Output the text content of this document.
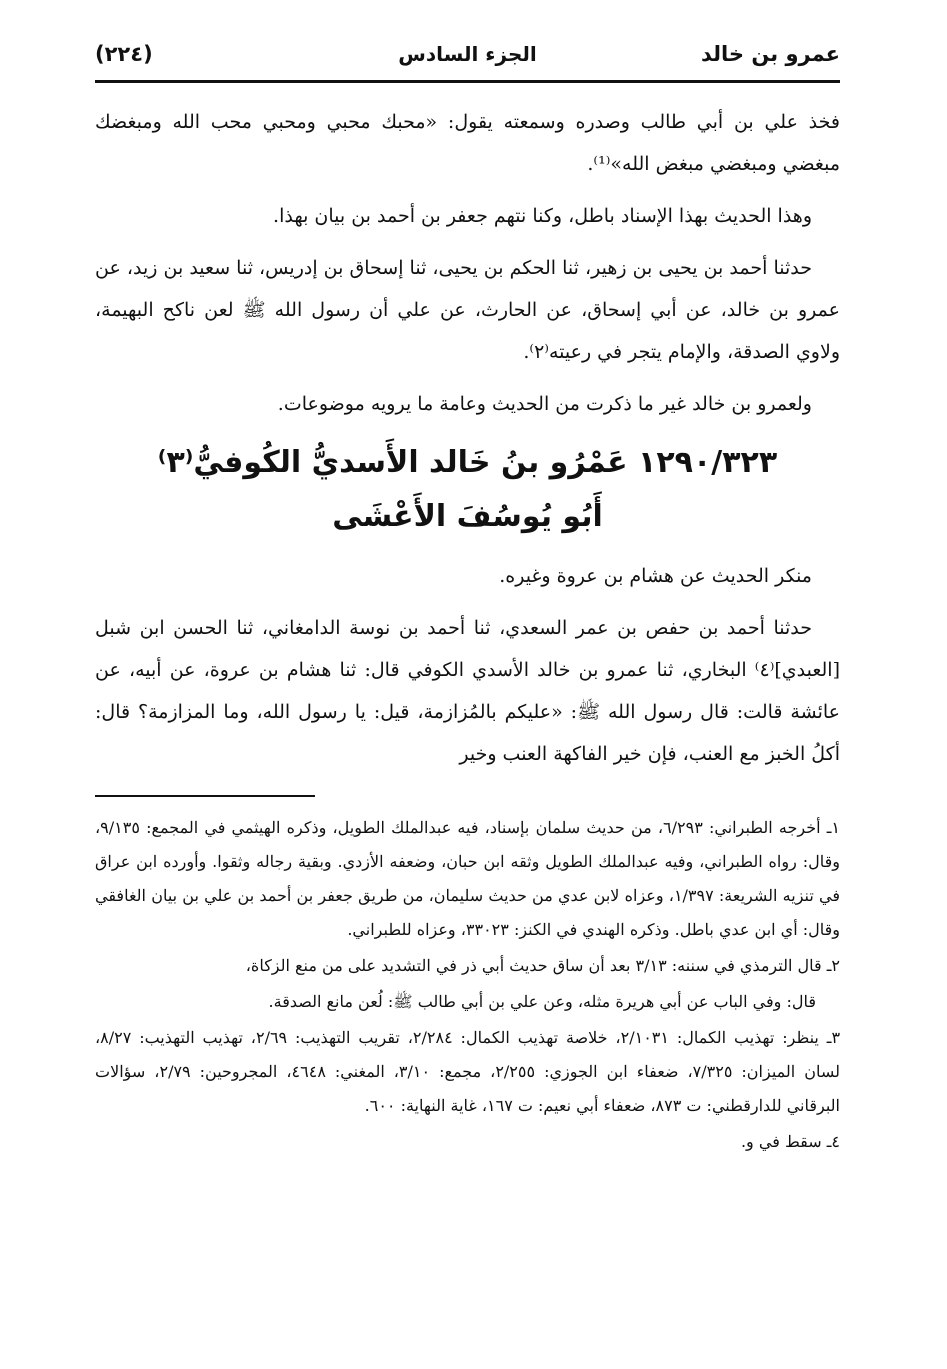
عمرو بن خالد
الجزء السادس
(٢٢٤)

فخذ علي بن أبي طالب وصدره وسمعته يقول: «محبك محبي ومحبي محب الله ومبغضك مبغضي ومبغضي مبغض الله»⁽¹⁾.

وهذا الحديث بهذا الإسناد باطل، وكنا نتهم جعفر بن أحمد بن بيان بهذا.

حدثنا أحمد بن يحيى بن زهير، ثنا الحكم بن يحيى، ثنا إسحاق بن إدريس، ثنا سعيد بن زيد، عن عمرو بن خالد، عن أبي إسحاق، عن الحارث، عن علي أن رسول الله ﷺ لعن ناكح البهيمة، ولاوي الصدقة، والإمام يتجر في رعيته⁽٢⁾.

ولعمرو بن خالد غير ما ذكرت من الحديث وعامة ما يرويه موضوعات.

١٢٩٠/٣٢٣ عَمْرُو بنُ خَالد الأَسديُّ الكُوفيُّ⁽٣⁾
أَبُو يُوسُفَ الأَعْشَى

منكر الحديث عن هشام بن عروة وغيره.

حدثنا أحمد بن حفص بن عمر السعدي، ثنا أحمد بن نوسة الدامغاني، ثنا الحسن ابن شبل [العبدي]⁽٤⁾ البخاري، ثنا عمرو بن خالد الأسدي الكوفي قال: ثنا هشام بن عروة، عن أبيه، عن عائشة قالت: قال رسول الله ﷺ: «عليكم بالمُزازمة، قيل: يا رسول الله، وما المزازمة؟ قال: أكلُ الخبز مع العنب، فإن خير الفاكهة العنب وخير

١ـ أخرجه الطبراني: ٦/٢٩٣، من حديث سلمان بإسناد، فيه عبدالملك الطويل، وذكره الهيثمي في المجمع: ٩/١٣٥، وقال: رواه الطبراني، وفيه عبدالملك الطويل وثقه ابن حبان، وضعفه الأزدي. وبقية رجاله وثقوا. وأورده ابن عراق في تنزيه الشريعة: ١/٣٩٧، وعزاه لابن عدي من حديث سليمان، من طريق جعفر بن أحمد بن علي بن بيان الغافقي وقال: أي ابن عدي باطل. وذكره الهندي في الكنز: ٣٣٠٢٣، وعزاه للطبراني.

٢ـ قال الترمذي في سننه: ٣/١٣ بعد أن ساق حديث أبي ذر في التشديد على من منع الزكاة،

قال: وفي الباب عن أبي هريرة مثله، وعن علي بن أبي طالب ﷺ: لُعن مانع الصدقة.

٣ـ ينظر: تهذيب الكمال: ٢/١٠٣١، خلاصة تهذيب الكمال: ٢/٢٨٤، تقريب التهذيب: ٢/٦٩، تهذيب التهذيب: ٨/٢٧، لسان الميزان: ٧/٣٢٥، ضعفاء ابن الجوزي: ٢/٢٥٥، مجمع: ٣/١٠، المغني: ٤٦٤٨، المجروحين: ٢/٧٩، سؤالات البرقاني للدارقطني: ت ٨٧٣، ضعفاء أبي نعيم: ت ١٦٧، غاية النهاية: ٦٠٠.

٤ـ سقط في و.
